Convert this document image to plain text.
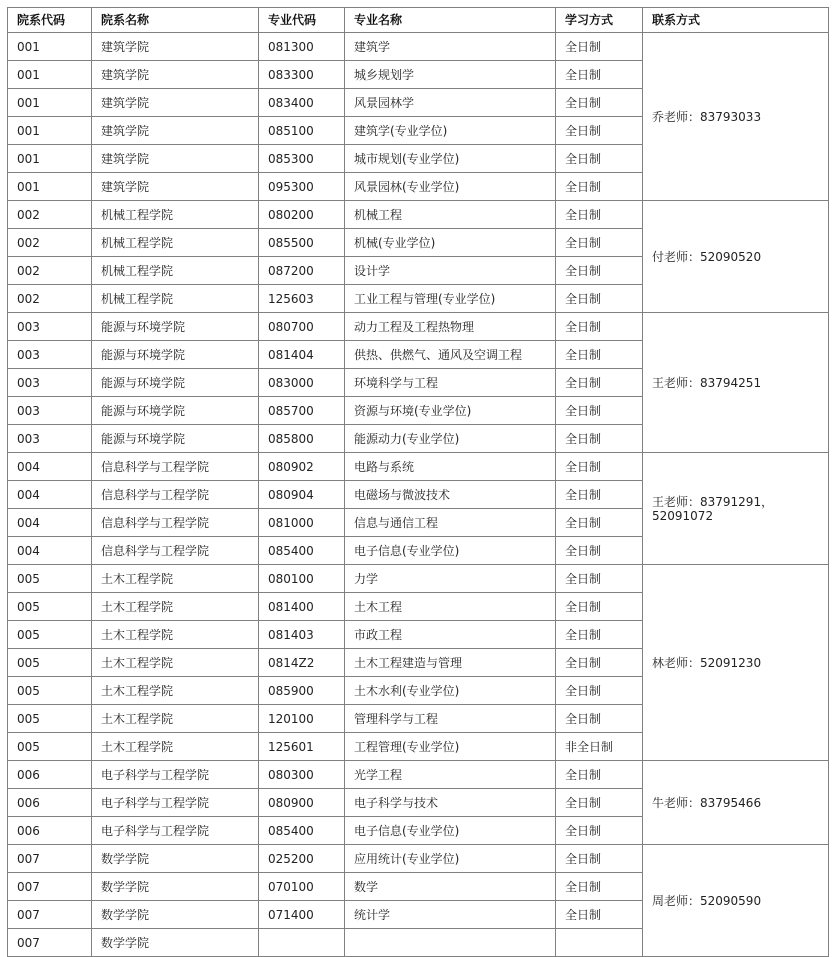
院系代码	院系名称	专业代码	专业名称	学习方式	联系方式
001	建筑学院	081300	建筑学	全日制	乔老师：83793033
001	建筑学院	083300	城乡规划学	全日制	
001	建筑学院	083400	风景园林学	全日制	
001	建筑学院	085100	建筑学(专业学位)	全日制	
001	建筑学院	085300	城市规划(专业学位)	全日制	
001	建筑学院	095300	风景园林(专业学位)	全日制	
002	机械工程学院	080200	机械工程	全日制	付老师：52090520
002	机械工程学院	085500	机械(专业学位)	全日制	
002	机械工程学院	087200	设计学	全日制	
002	机械工程学院	125603	工业工程与管理(专业学位)	全日制	
003	能源与环境学院	080700	动力工程及工程热物理	全日制	王老师：83794251
003	能源与环境学院	081404	供热、供燃气、通风及空调工程	全日制	
003	能源与环境学院	083000	环境科学与工程	全日制	
003	能源与环境学院	085700	资源与环境(专业学位)	全日制	
003	能源与环境学院	085800	能源动力(专业学位)	全日制	
004	信息科学与工程学院	080902	电路与系统	全日制	王老师：83791291，52091072
004	信息科学与工程学院	080904	电磁场与微波技术	全日制	
004	信息科学与工程学院	081000	信息与通信工程	全日制	
004	信息科学与工程学院	085400	电子信息(专业学位)	全日制	
005	土木工程学院	080100	力学	全日制	林老师：52091230
005	土木工程学院	081400	土木工程	全日制	
005	土木工程学院	081403	市政工程	全日制	
005	土木工程学院	0814Z2	土木工程建造与管理	全日制	
005	土木工程学院	085900	土木水利(专业学位)	全日制	
005	土木工程学院	120100	管理科学与工程	全日制	
005	土木工程学院	125601	工程管理(专业学位)	非全日制	
006	电子科学与工程学院	080300	光学工程	全日制	牛老师：83795466
006	电子科学与工程学院	080900	电子科学与技术	全日制	
006	电子科学与工程学院	085400	电子信息(专业学位)	全日制	
007	数学学院	025200	应用统计(专业学位)	全日制	周老师：52090590
007	数学学院	070100	数学	全日制	
007	数学学院	071400	统计学	全日制	
007	数学学院				
